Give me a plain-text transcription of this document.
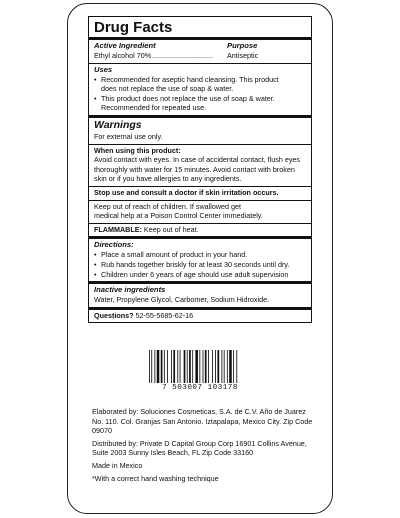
Drug Facts
Active Ingredient	Purpose
Ethyl alcohol 70%............................... Antiseptic
Uses
• Recommended for aseptic hand cleansing. This product
does not replace the use of soap & water.
• This product does not replace the use of soap & water.
Recommended for repeated use.
Warnings
For external use only.
When using this product:
Avoid contact with eyes. In case of accidental contact, flush eyes thoroughly with water for 15 minutes. Avoid contact with broken skin or if you have allergies to any ingredients.
Stop use and consult a doctor if skin irritation occurs.
Keep out of reach of children. If swallowed get
medical help at a Poison Control Center immediately.
FLAMMABLE: Keep out of heat.
Directions:
• Place a small amount of product in your hand.
• Rub hands together briskly for at least 30 seconds until dry.
• Children under 6 years of age should use adult supervision
Inactive ingredients
Water, Propylene Glycol, Carbomer, Sodium Hidroxide.
Questions? 52-55-5685-62-16
7 503007 103178

Elaborated by: Soluciones Cosmeticas, S.A. de C.V. Año de Juarez No. 110. Col. Granjas San Antonio. Iztapalapa, Mexico City. Zip Code 09070

Distributed by: Private D Capital Group Corp 16901 Collins Avenue, Suite 2003 Sunny Isles Beach, FL Zip Code 33160

Made in Mexico

*With a correct hand washing technique
